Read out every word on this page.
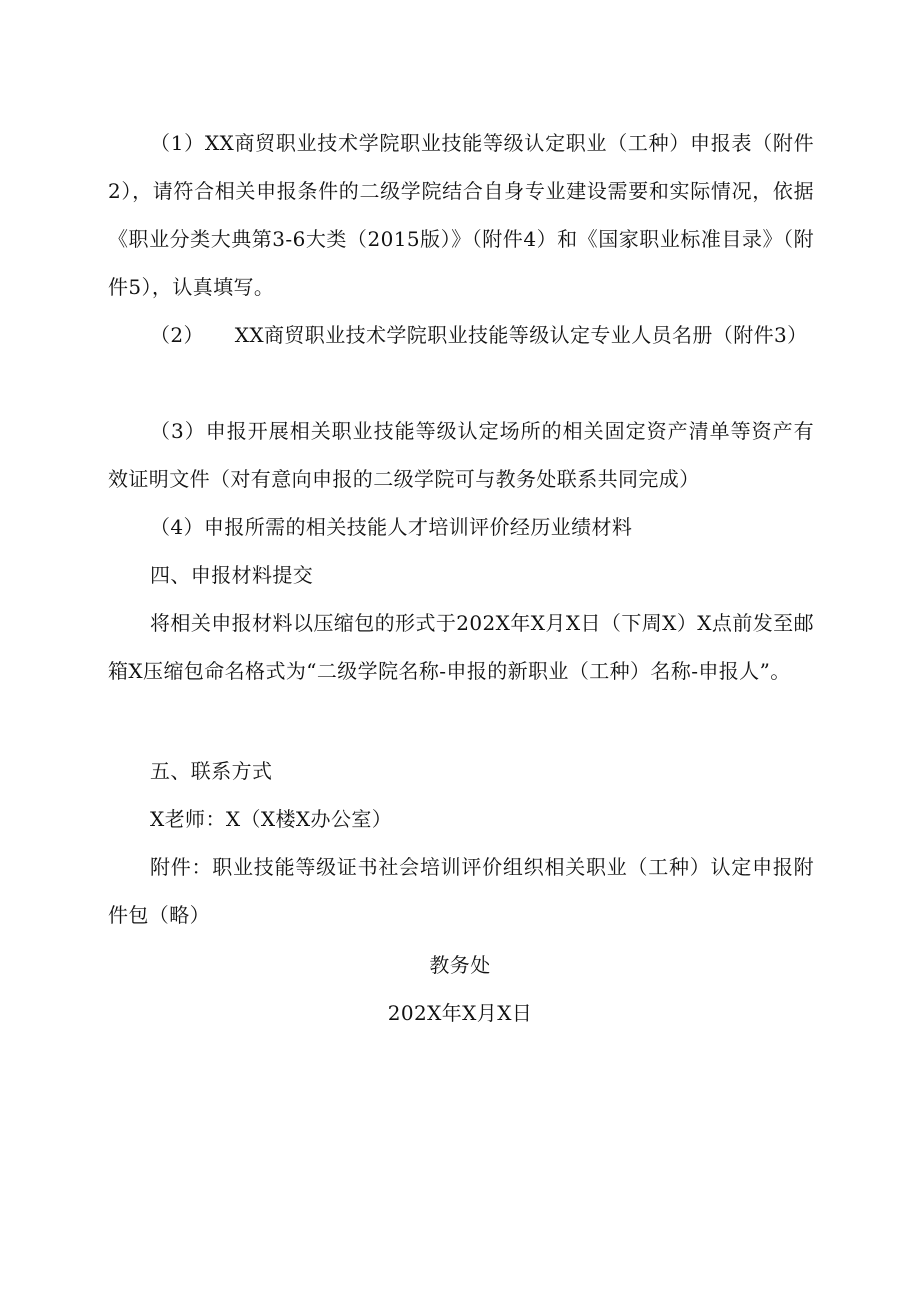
（1）XX商贸职业技术学院职业技能等级认定职业（工种）申报表（附件2），请符合相关申报条件的二级学院结合自身专业建设需要和实际情况，依据《职业分类大典第3-6大类（2015版）》（附件4）和《国家职业标准目录》（附件5），认真填写。

（2）　　XX商贸职业技术学院职业技能等级认定专业人员名册（附件3）

（3）申报开展相关职业技能等级认定场所的相关固定资产清单等资产有效证明文件（对有意向申报的二级学院可与教务处联系共同完成）

（4）申报所需的相关技能人才培训评价经历业绩材料

四、申报材料提交

将相关申报材料以压缩包的形式于202X年X月X日（下周X）X点前发至邮箱X压缩包命名格式为“二级学院名称-申报的新职业（工种）名称-申报人”。

五、联系方式

X老师：X（X楼X办公室）

附件：职业技能等级证书社会培训评价组织相关职业（工种）认定申报附件包（略）

教务处

202X年X月X日
